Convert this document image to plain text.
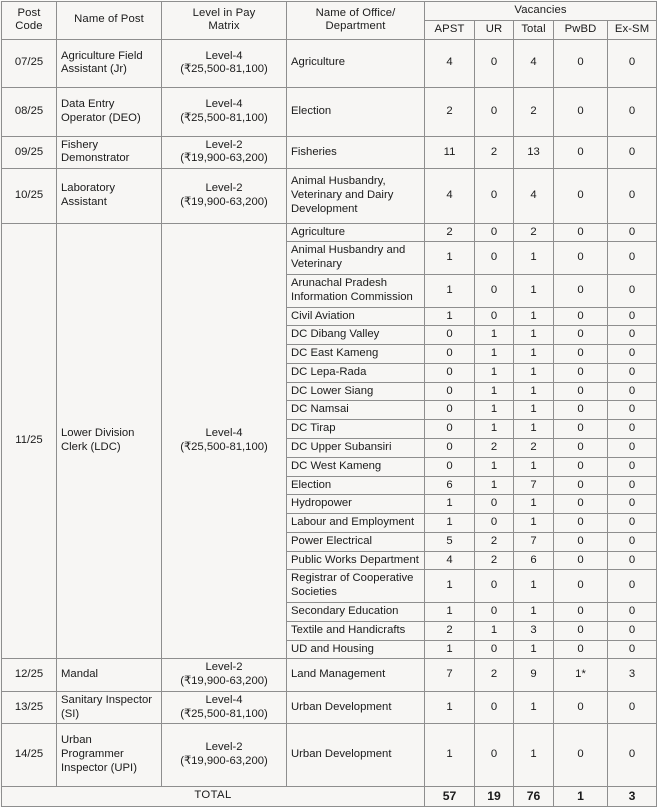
Post
Code	Name of Post	Level in Pay
Matrix	Name of Office/
Department	Vacancies				
				APST	UR	Total	PwBD	Ex-SM
07/25	Agriculture Field Assistant (Jr)	Level-4
(₹25,500-81,100)	Agriculture	4	0	4	0	0
08/25	Data Entry Operator (DEO)	Level-4
(₹25,500-81,100)	Election	2	0	2	0	0
09/25	Fishery Demonstrator	Level-2
(₹19,900-63,200)	Fisheries	11	2	13	0	0
10/25	Laboratory Assistant	Level-2
(₹19,900-63,200)	Animal Husbandry, Veterinary and Dairy Development	4	0	4	0	0
11/25	Lower Division Clerk (LDC)	Level-4
(₹25,500-81,100)	Agriculture	2	0	2	0	0
			Animal Husbandry and Veterinary	1	0	1	0	0
			Arunachal Pradesh Information Commission	1	0	1	0	0
			Civil Aviation	1	0	1	0	0
			DC Dibang Valley	0	1	1	0	0
			DC East Kameng	0	1	1	0	0
			DC Lepa-Rada	0	1	1	0	0
			DC Lower Siang	0	1	1	0	0
			DC Namsai	0	1	1	0	0
			DC Tirap	0	1	1	0	0
			DC Upper Subansiri	0	2	2	0	0
			DC West Kameng	0	1	1	0	0
			Election	6	1	7	0	0
			Hydropower	1	0	1	0	0
			Labour and Employment	1	0	1	0	0
			Power Electrical	5	2	7	0	0
			Public Works Department	4	2	6	0	0
			Registrar of Cooperative Societies	1	0	1	0	0
			Secondary Education	1	0	1	0	0
			Textile and Handicrafts	2	1	3	0	0
			UD and Housing	1	0	1	0	0
12/25	Mandal	Level-2
(₹19,900-63,200)	Land Management	7	2	9	1*	3
13/25	Sanitary Inspector (SI)	Level-4
(₹25,500-81,100)	Urban Development	1	0	1	0	0
14/25	Urban Programmer Inspector (UPI)	Level-2
(₹19,900-63,200)	Urban Development	1	0	1	0	0
TOTAL				57	19	76	1	3
